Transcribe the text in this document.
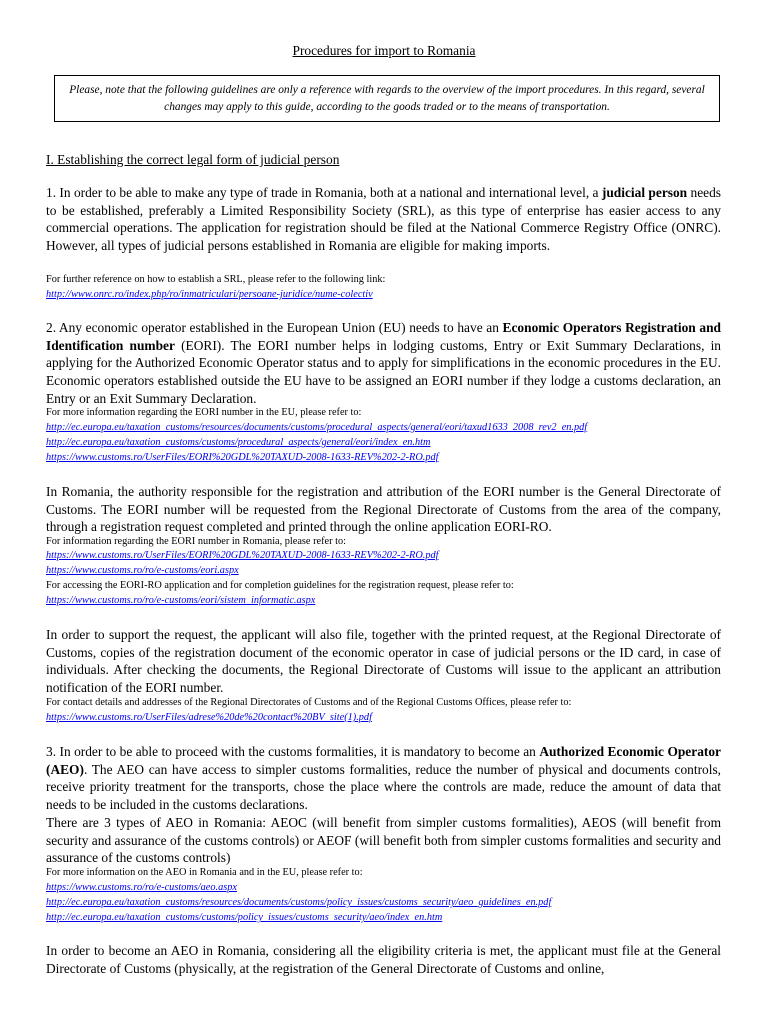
Procedures for import to Romania
Please, note that the following guidelines are only a reference with regards to the overview of the import procedures. In this regard, several changes may apply to this guide, according to the goods traded or to the means of transportation.
I. Establishing the correct legal form of judicial person

1. In order to be able to make any type of trade in Romania, both at a national and international level, a judicial person needs to be established, preferably a Limited Responsibility Society (SRL), as this type of enterprise has easier access to any commercial operations. The application for registration should be filed at the National Commerce Registry Office (ONRC). However, all types of judicial persons established in Romania are eligible for making imports.

For further reference on how to establish a SRL, please refer to the following link:
http://www.onrc.ro/index.php/ro/inmatriculari/persoane-juridice/nume-colectiv

2. Any economic operator established in the European Union (EU) needs to have an Economic Operators Registration and Identification number (EORI). The EORI number helps in lodging customs, Entry or Exit Summary Declarations, in applying for the Authorized Economic Operator status and to apply for simplifications in the economic procedures in the EU. Economic operators established outside the EU have to be assigned an EORI number if they lodge a customs declaration, an Entry or an Exit Summary Declaration.

For more information regarding the EORI number in the EU, please refer to:
http://ec.europa.eu/taxation_customs/resources/documents/customs/procedural_aspects/general/eori/taxud1633_2008_rev2_en.pdf
http://ec.europa.eu/taxation_customs/customs/procedural_aspects/general/eori/index_en.htm
https://www.customs.ro/UserFiles/EORI%20GDL%20TAXUD-2008-1633-REV%202-2-RO.pdf

In Romania, the authority responsible for the registration and attribution of the EORI number is the General Directorate of Customs. The EORI number will be requested from the Regional Directorate of Customs from the area of the company, through a registration request completed and printed through the online application EORI-RO.

For information regarding the EORI number in Romania, please refer to:
https://www.customs.ro/UserFiles/EORI%20GDL%20TAXUD-2008-1633-REV%202-2-RO.pdf
https://www.customs.ro/ro/e-customs/eori.aspx
For accessing the EORI-RO application and for completion guidelines for the registration request, please refer to:
https://www.customs.ro/ro/e-customs/eori/sistem_informatic.aspx

In order to support the request, the applicant will also file, together with the printed request, at the Regional Directorate of Customs, copies of the registration document of the economic operator in case of judicial persons or the ID card, in case of individuals. After checking the documents, the Regional Directorate of Customs will issue to the applicant an attribution notification of the EORI number.

For contact details and addresses of the Regional Directorates of Customs and of the Regional Customs Offices, please refer to:
https://www.customs.ro/UserFiles/adrese%20de%20contact%20BV_site(1).pdf

3. In order to be able to proceed with the customs formalities, it is mandatory to become an Authorized Economic Operator (AEO). The AEO can have access to simpler customs formalities, reduce the number of physical and documents controls, receive priority treatment for the transports, chose the place where the controls are made, reduce the amount of data that needs to be included in the customs declarations.

There are 3 types of AEO in Romania: AEOC (will benefit from simpler customs formalities), AEOS (will benefit from security and assurance of the customs controls) or AEOF (will benefit both from simpler customs formalities and security and assurance of the customs controls)

For more information on the AEO in Romania and in the EU, please refer to:
https://www.customs.ro/ro/e-customs/aeo.aspx
http://ec.europa.eu/taxation_customs/resources/documents/customs/policy_issues/customs_security/aeo_guidelines_en.pdf
http://ec.europa.eu/taxation_customs/customs/policy_issues/customs_security/aeo/index_en.htm

In order to become an AEO in Romania, considering all the eligibility criteria is met, the applicant must file at the General Directorate of Customs (physically, at the registration of the General Directorate of Customs and online,
